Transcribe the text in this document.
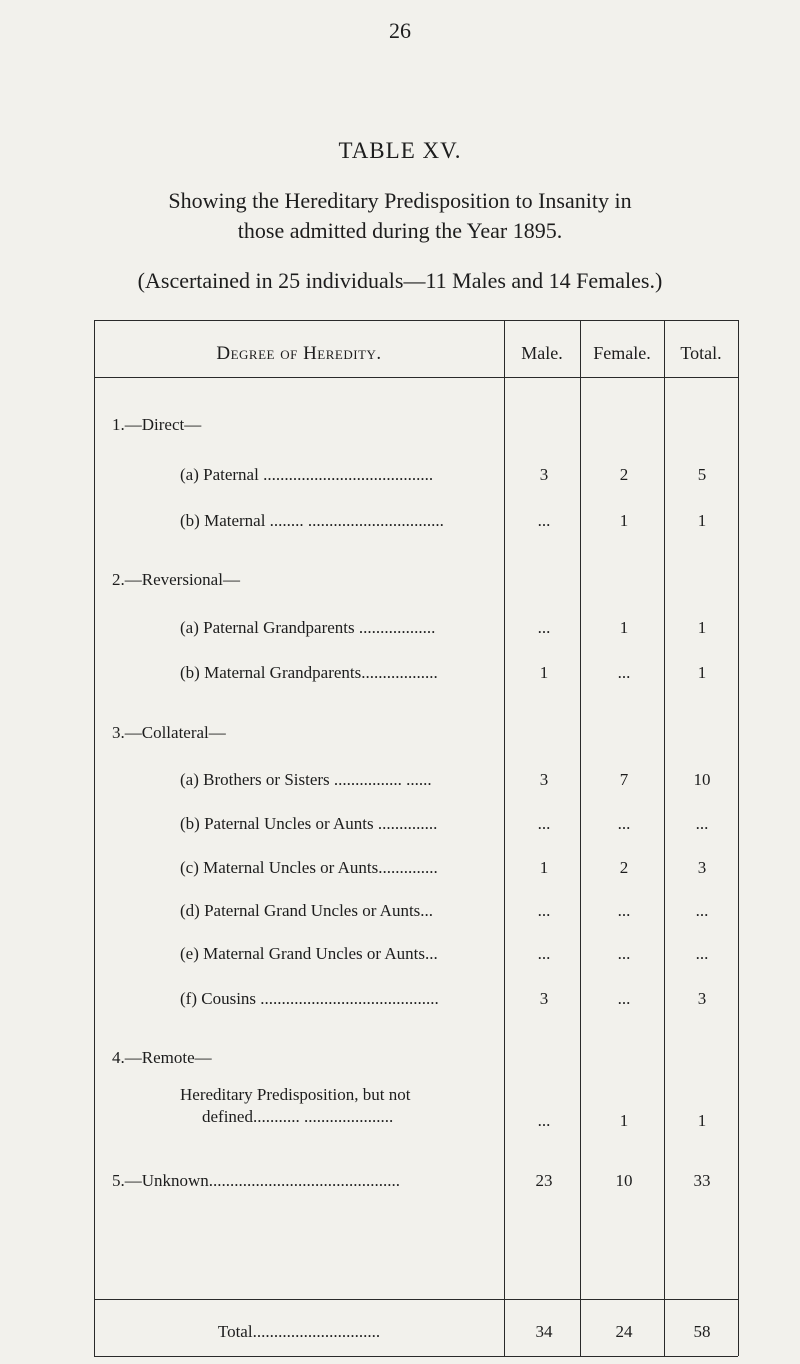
26
TABLE XV.
Showing the Hereditary Predisposition to Insanity in
those admitted during the Year 1895.
(Ascertained in 25 individuals—11 Males and 14 Females.)
Degree of Heredity.	Male.	Female.	Total.
1.—Direct—
(a) Paternal ........................................	3	2	5
(b) Maternal ........ ................................	...	1	1
2.—Reversional—
(a) Paternal Grandparents ..................	...	1	1
(b) Maternal Grandparents..................	1	...	1
3.—Collateral—
(a) Brothers or Sisters ................ ......	3	7	10
(b) Paternal Uncles or Aunts ..............	...	...	...
(c) Maternal Uncles or Aunts..............	1	2	3
(d) Paternal Grand Uncles or Aunts...	...	...	...
(e) Maternal Grand Uncles or Aunts...	...	...	...
(f) Cousins ..........................................	3	...	3
4.—Remote—
Hereditary Predisposition, but not
defined........... .....................	...	1	1
5.—Unknown.............................................	23	10	33
Total..............................	34	24	58
